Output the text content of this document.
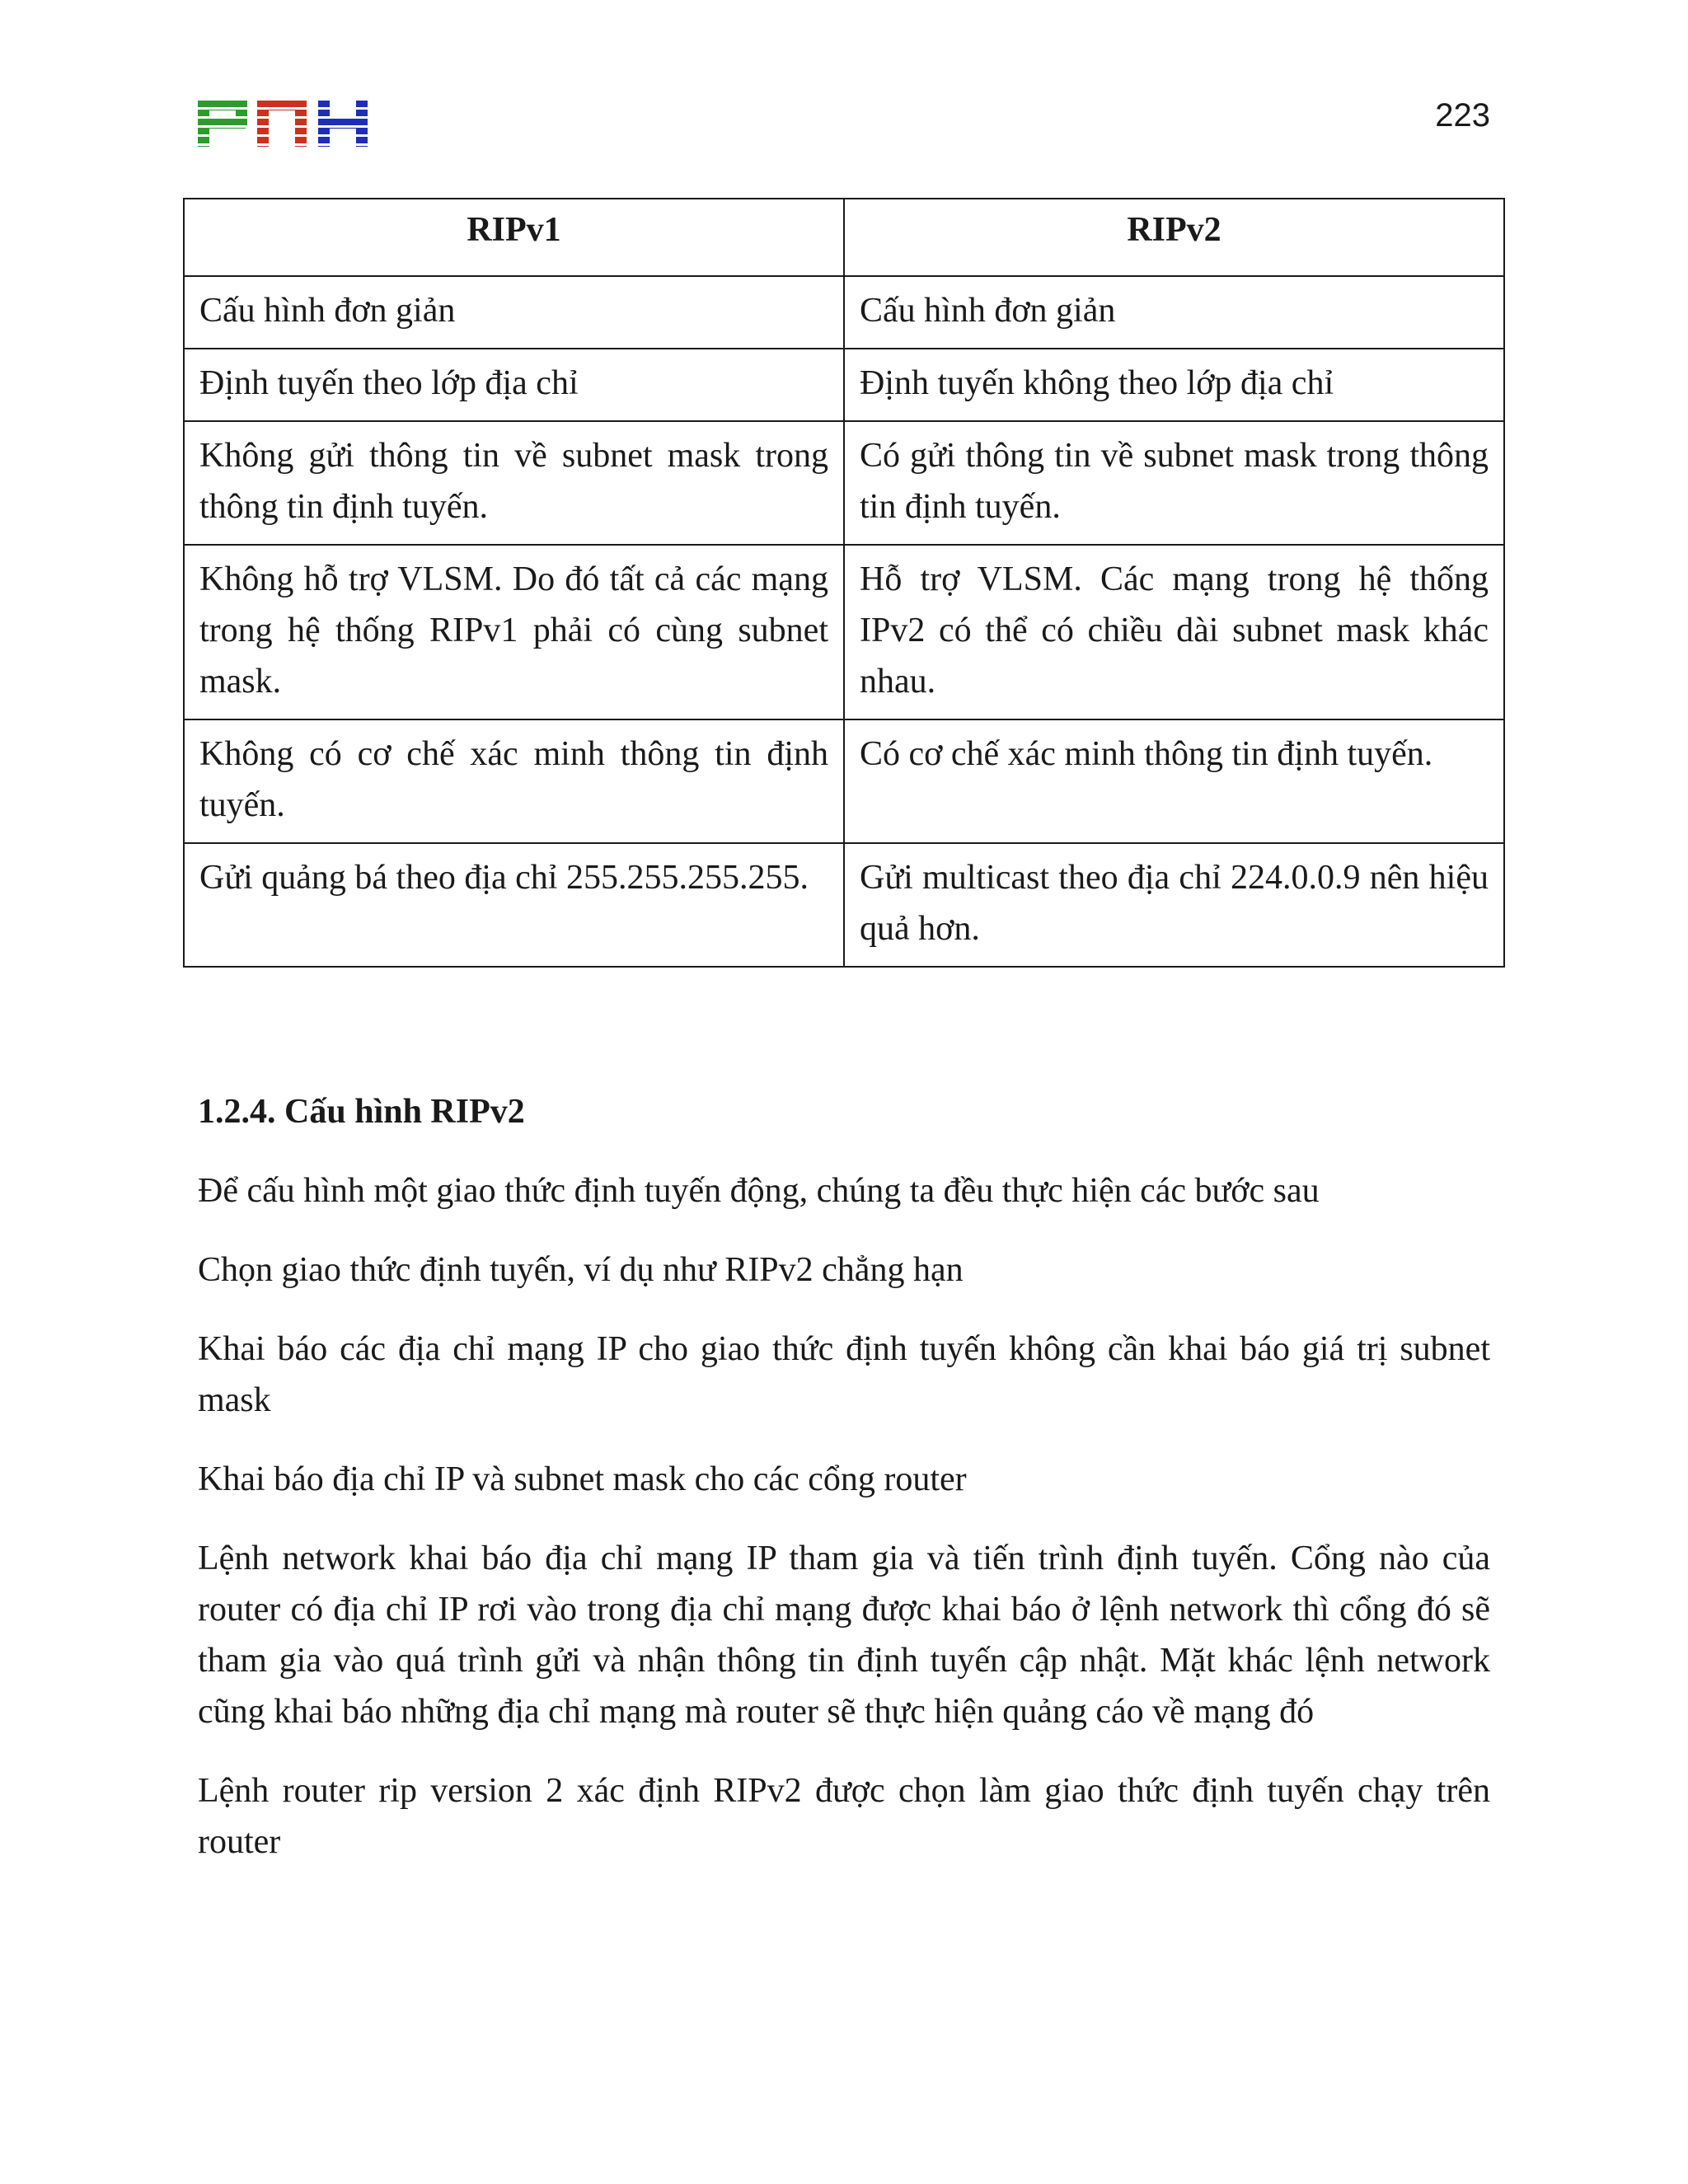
223
RIPv1	RIPv2
Cấu hình đơn giản	Cấu hình đơn giản
Định tuyến theo lớp địa chỉ	Định tuyến không theo lớp địa chỉ
Không gửi thông tin về subnet mask trong thông tin định tuyến.	Có gửi thông tin về subnet mask trong thông tin định tuyến.
Không hỗ trợ VLSM. Do đó tất cả các mạng trong hệ thống RIPv1 phải có cùng subnet mask.	Hỗ trợ VLSM. Các mạng trong hệ thống IPv2 có thể có chiều dài subnet mask khác nhau.
Không có cơ chế xác minh thông tin định tuyến.	Có cơ chế xác minh thông tin định tuyến.
Gửi quảng bá theo địa chỉ 255.255.255.255.	Gửi multicast theo địa chỉ 224.0.0.9 nên hiệu quả hơn.
1.2.4. Cấu hình RIPv2

Để cấu hình một giao thức định tuyến động, chúng ta đều thực hiện các bước sau

Chọn giao thức định tuyến, ví dụ như RIPv2 chẳng hạn

Khai báo các địa chỉ mạng IP cho giao thức định tuyến không cần khai báo giá trị subnet mask

Khai báo địa chỉ IP và subnet mask cho các cổng router

Lệnh network khai báo địa chỉ mạng IP tham gia và tiến trình định tuyến. Cổng nào của router có địa chỉ IP rơi vào trong địa chỉ mạng được khai báo ở lệnh network thì cổng đó sẽ tham gia vào quá trình gửi và nhận thông tin định tuyến cập nhật. Mặt khác lệnh network cũng khai báo những địa chỉ mạng mà router sẽ thực hiện quảng cáo về mạng đó

Lệnh router rip version 2 xác định RIPv2 được chọn làm giao thức định tuyến chạy trên router
